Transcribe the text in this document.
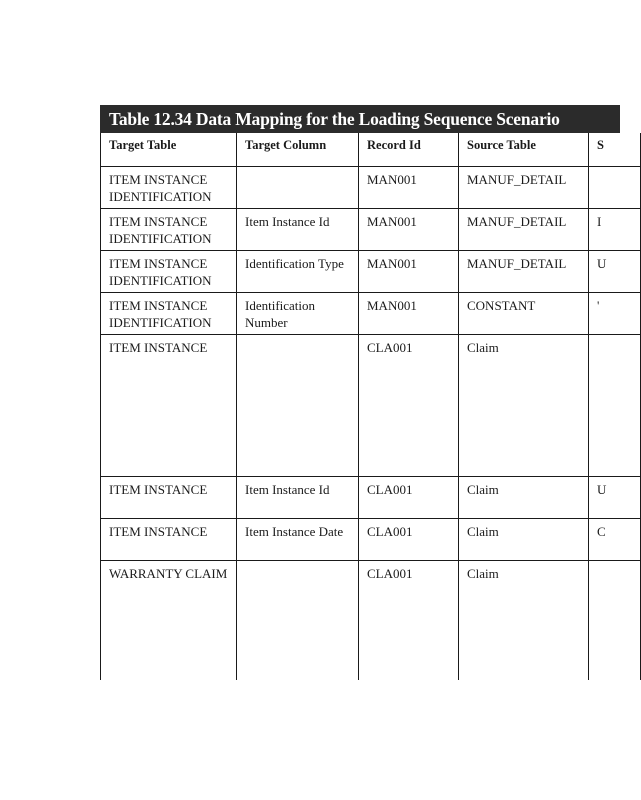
Table 12.34 Data Mapping for the Loading Sequence Scenario
Target Table	Target Column	Record Id	Source Table	S
ITEM INSTANCE IDENTIFICATION		MAN001	MANUF_DETAIL	
ITEM INSTANCE IDENTIFICATION	Item Instance Id	MAN001	MANUF_DETAIL	I
ITEM INSTANCE IDENTIFICATION	Identification Type	MAN001	MANUF_DETAIL	U
ITEM INSTANCE IDENTIFICATION	Identification Number	MAN001	CONSTANT	'
ITEM INSTANCE		CLA001	Claim	
ITEM INSTANCE	Item Instance Id	CLA001	Claim	U
ITEM INSTANCE	Item Instance Date	CLA001	Claim	C
WARRANTY CLAIM		CLA001	Claim	
